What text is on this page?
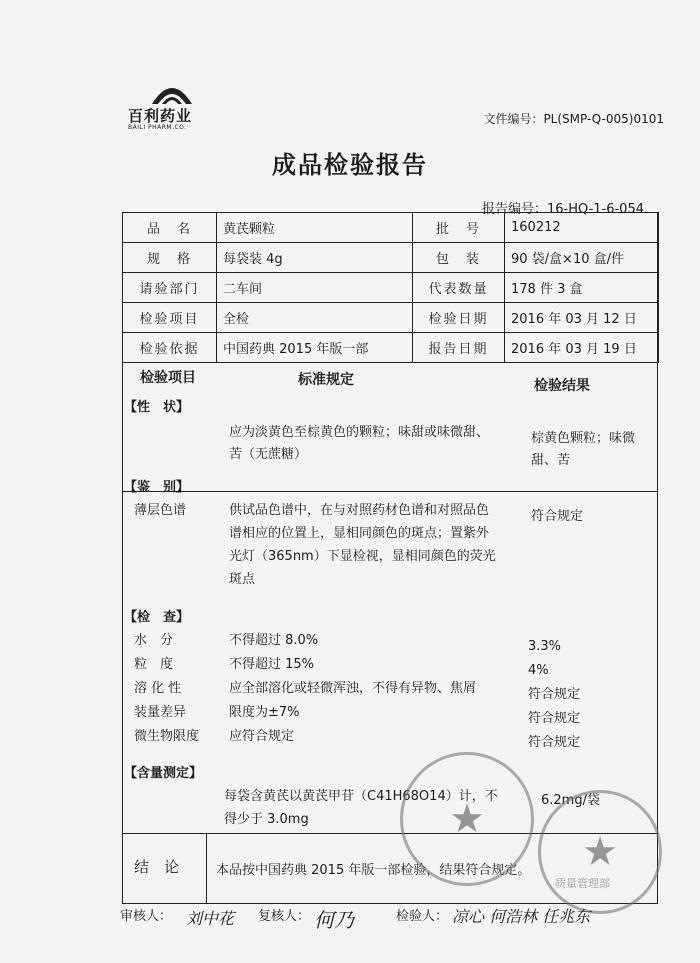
百利药业
BAILI PHARM.CO.
文件编号：PL(SMP-Q-005)0101
成品检验报告
报告编号：16-HQ-1-6-054
品　名	黄芪颗粒	批　号	160212
规　格	每袋装 4g	包　装	90 袋/盒×10 盒/件
请验部门	二车间	代表数量	178 件 3 盒
检验项目	全检	检验日期	2016 年 03 月 12 日
检验依据	中国药典 2015 年版一部	报告日期	2016 年 03 月 19 日
检验项目	标准规定	检验结果
【性　状】
应为淡黄色至棕黄色的颗粒；味甜或味微甜、
苦（无蔗糖）
棕黄色颗粒；味微
甜、苦
【鉴　别】
薄层色谱	供试品色谱中，在与对照药材色谱和对照品色
谱相应的位置上，显相同颜色的斑点；置紫外
光灯（365nm）下显检视，显相同颜色的荧光
斑点
符合规定
【检　查】
水　分	不得超过 8.0%	3.3%
粒　度	不得超过 15%	4%
溶 化 性	应全部溶化或轻微浑浊，不得有异物、焦屑	符合规定
装量差异	限度为±7%	符合规定
微生物限度 应符合规定	符合规定
【含量测定】
每袋含黄芪以黄芪甲苷（C41H68O14）计，不
得少于 3.0mg
6.2mg/袋
结　论	本品按中国药典 2015 年版一部检验，结果符合规定。
★
★
质量管理部
审核人： 刘中花 复核人： 何乃	检验人： 凉心 何浩林 任兆东
